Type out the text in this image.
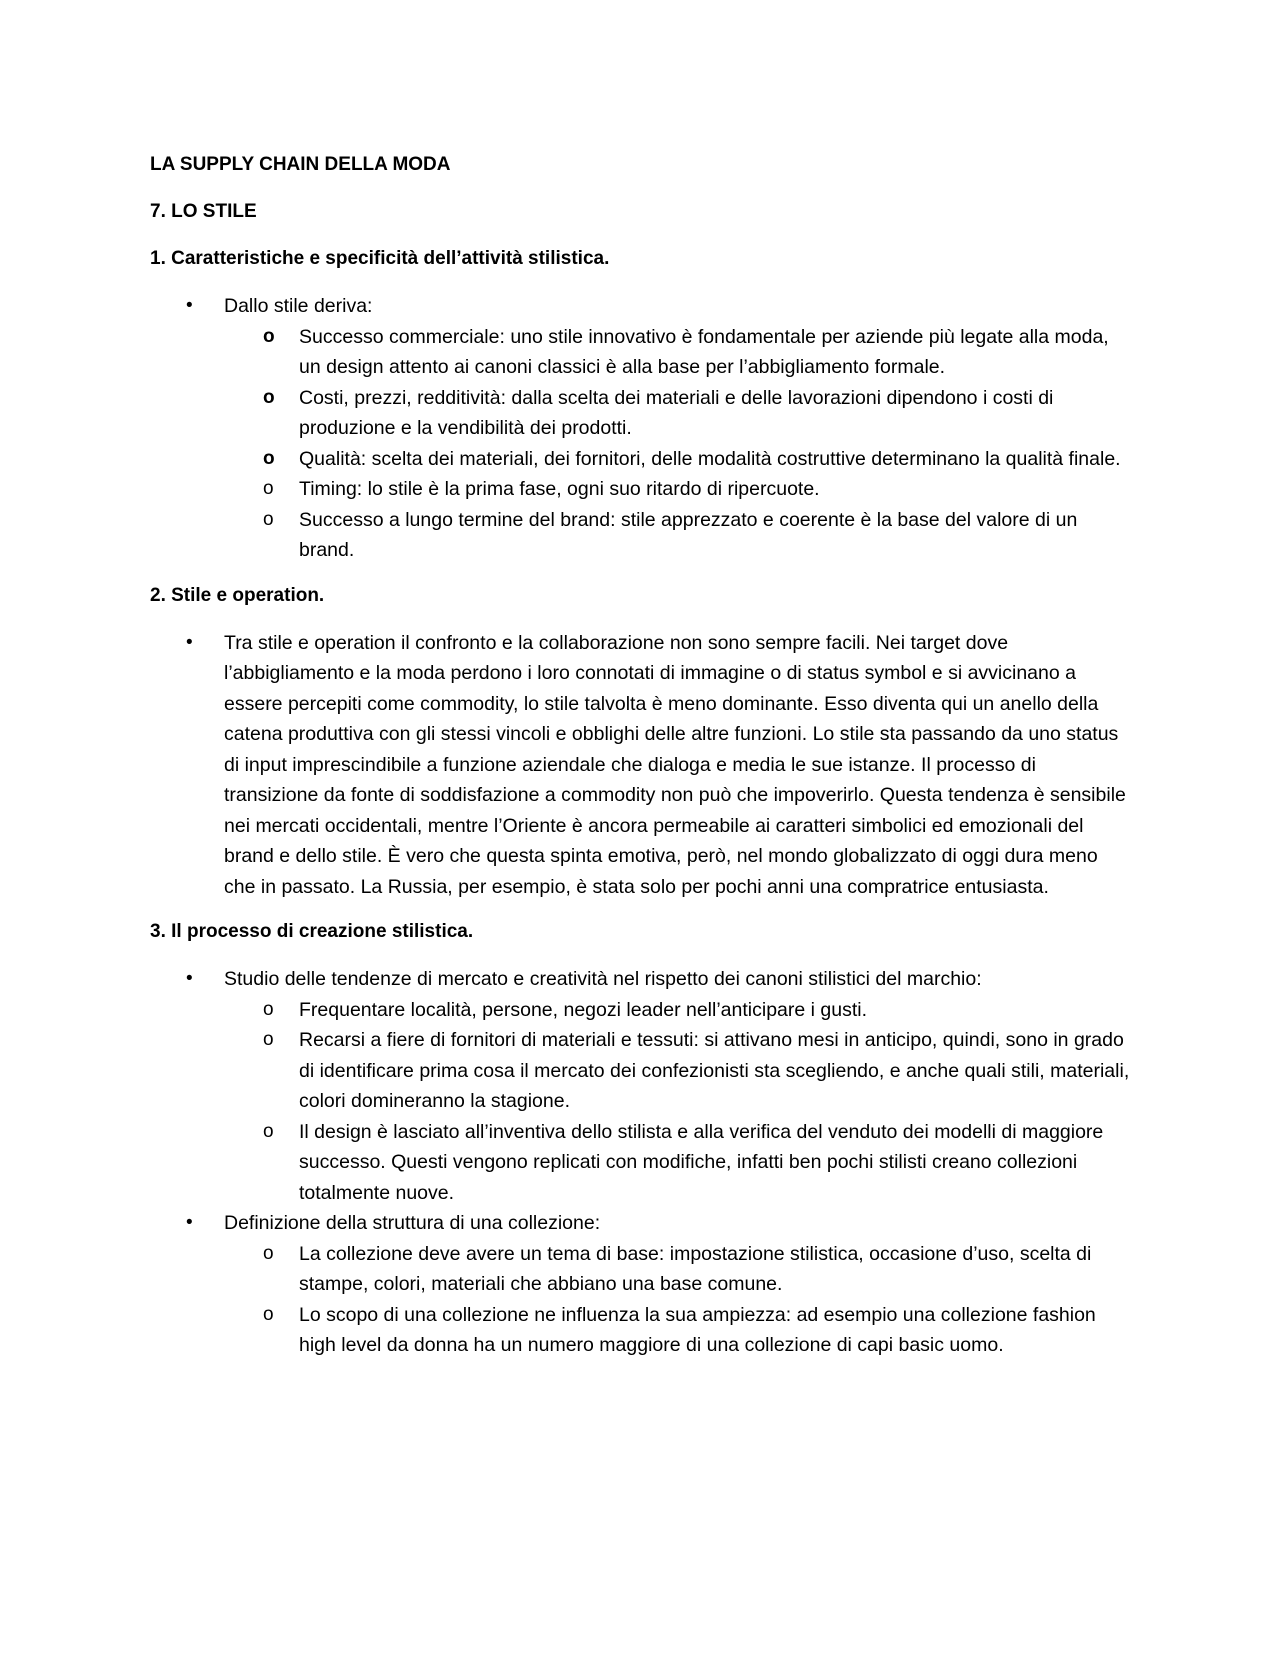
LA SUPPLY CHAIN DELLA MODA
7. LO STILE
1. Caratteristiche e specificità dell’attività stilistica.
• Dallo stile deriva:
o Successo commerciale: uno stile innovativo è fondamentale per aziende più legate alla moda, un design attento ai canoni classici è alla base per l’abbigliamento formale.
o Costi, prezzi, redditività: dalla scelta dei materiali e delle lavorazioni dipendono i costi di produzione e la vendibilità dei prodotti.
o Qualità: scelta dei materiali, dei fornitori, delle modalità costruttive determinano la qualità finale.
o Timing: lo stile è la prima fase, ogni suo ritardo di ripercuote.
o Successo a lungo termine del brand: stile apprezzato e coerente è la base del valore di un brand.
2. Stile e operation.
• Tra stile e operation il confronto e la collaborazione non sono sempre facili. Nei target dove l’abbigliamento e la moda perdono i loro connotati di immagine o di status symbol e si avvicinano a essere percepiti come commodity, lo stile talvolta è meno dominante. Esso diventa qui un anello della catena produttiva con gli stessi vincoli e obblighi delle altre funzioni. Lo stile sta passando da uno status di input imprescindibile a funzione aziendale che dialoga e media le sue istanze. Il processo di transizione da fonte di soddisfazione a commodity non può che impoverirlo. Questa tendenza è sensibile nei mercati occidentali, mentre l’Oriente è ancora permeabile ai caratteri simbolici ed emozionali del brand e dello stile. È vero che questa spinta emotiva, però, nel mondo globalizzato di oggi dura meno che in passato. La Russia, per esempio, è stata solo per pochi anni una compratrice entusiasta.
3. Il processo di creazione stilistica.
• Studio delle tendenze di mercato e creatività nel rispetto dei canoni stilistici del marchio:
o Frequentare località, persone, negozi leader nell’anticipare i gusti.
o Recarsi a fiere di fornitori di materiali e tessuti: si attivano mesi in anticipo, quindi, sono in grado di identificare prima cosa il mercato dei confezionisti sta scegliendo, e anche quali stili, materiali, colori domineranno la stagione.
o Il design è lasciato all’inventiva dello stilista e alla verifica del venduto dei modelli di maggiore successo. Questi vengono replicati con modifiche, infatti ben pochi stilisti creano collezioni totalmente nuove.
• Definizione della struttura di una collezione:
o La collezione deve avere un tema di base: impostazione stilistica, occasione d’uso, scelta di stampe, colori, materiali che abbiano una base comune.
o Lo scopo di una collezione ne influenza la sua ampiezza: ad esempio una collezione fashion high level da donna ha un numero maggiore di una collezione di capi basic uomo.
